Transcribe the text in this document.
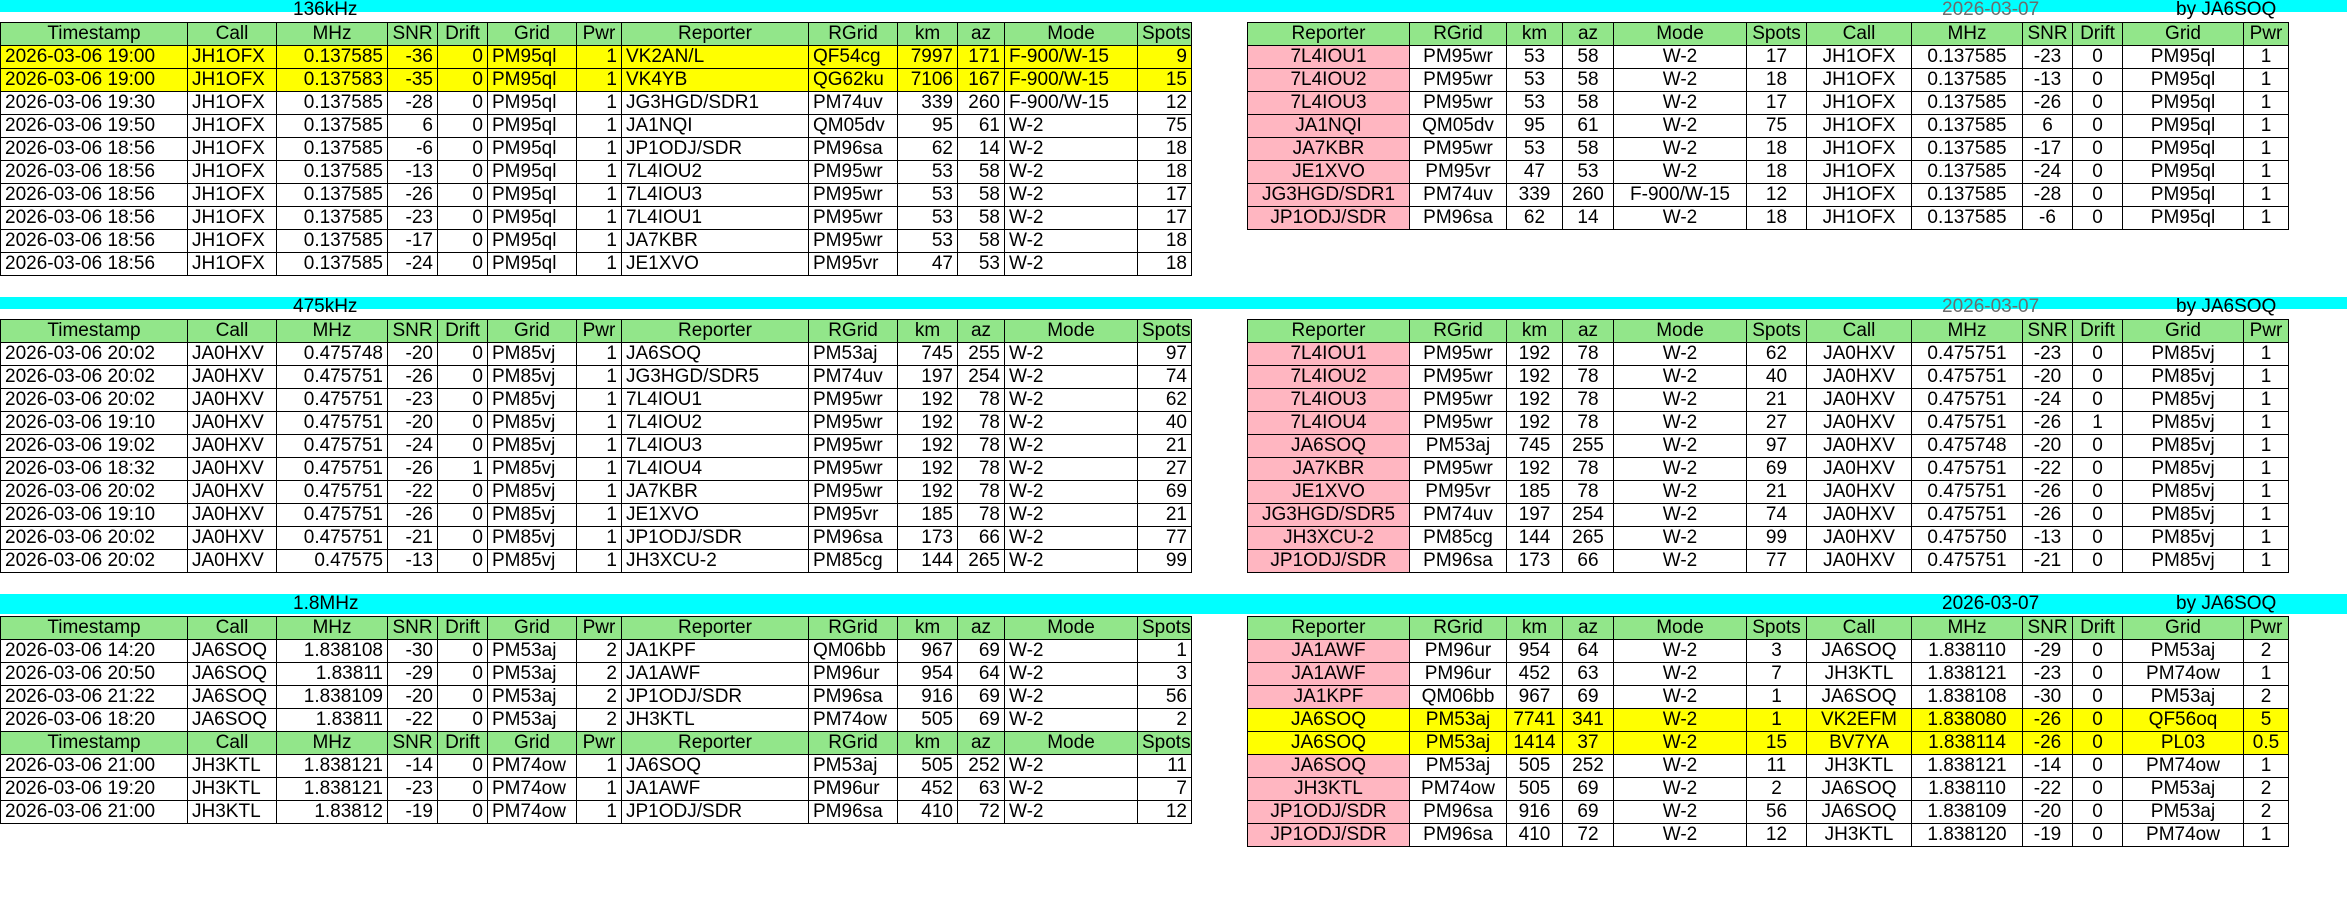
136kHz	2026-03-07	by JA6SOQ
475kHz	2026-03-07	by JA6SOQ
1.8MHz	2026-03-07	by JA6SOQ
Timestamp	Call	MHz	SNR	Drift	Grid	Pwr	Reporter	RGrid	km	az	Mode	Spots
2026-03-06 19:00	JH1OFX	0.137585	-36	0	PM95ql	1	VK2AN/L	QF54cg	7997	171	F-900/W-15	9
2026-03-06 19:00	JH1OFX	0.137583	-35	0	PM95ql	1	VK4YB	QG62ku	7106	167	F-900/W-15	15
2026-03-06 19:30	JH1OFX	0.137585	-28	0	PM95ql	1	JG3HGD/SDR1	PM74uv	339	260	F-900/W-15	12
2026-03-06 19:50	JH1OFX	0.137585	6	0	PM95ql	1	JA1NQI	QM05dv	95	61	W-2	75
2026-03-06 18:56	JH1OFX	0.137585	-6	0	PM95ql	1	JP1ODJ/SDR	PM96sa	62	14	W-2	18
2026-03-06 18:56	JH1OFX	0.137585	-13	0	PM95ql	1	7L4IOU2	PM95wr	53	58	W-2	18
2026-03-06 18:56	JH1OFX	0.137585	-26	0	PM95ql	1	7L4IOU3	PM95wr	53	58	W-2	17
2026-03-06 18:56	JH1OFX	0.137585	-23	0	PM95ql	1	7L4IOU1	PM95wr	53	58	W-2	17
2026-03-06 18:56	JH1OFX	0.137585	-17	0	PM95ql	1	JA7KBR	PM95wr	53	58	W-2	18
2026-03-06 18:56	JH1OFX	0.137585	-24	0	PM95ql	1	JE1XVO	PM95vr	47	53	W-2	18
Reporter	RGrid	km	az	Mode	Spots	Call	MHz	SNR	Drift	Grid	Pwr
7L4IOU1	PM95wr	53	58	W-2	17	JH1OFX	0.137585	-23	0	PM95ql	1
7L4IOU2	PM95wr	53	58	W-2	18	JH1OFX	0.137585	-13	0	PM95ql	1
7L4IOU3	PM95wr	53	58	W-2	17	JH1OFX	0.137585	-26	0	PM95ql	1
JA1NQI	QM05dv	95	61	W-2	75	JH1OFX	0.137585	6	0	PM95ql	1
JA7KBR	PM95wr	53	58	W-2	18	JH1OFX	0.137585	-17	0	PM95ql	1
JE1XVO	PM95vr	47	53	W-2	18	JH1OFX	0.137585	-24	0	PM95ql	1
JG3HGD/SDR1	PM74uv	339	260	F-900/W-15	12	JH1OFX	0.137585	-28	0	PM95ql	1
JP1ODJ/SDR	PM96sa	62	14	W-2	18	JH1OFX	0.137585	-6	0	PM95ql	1
Timestamp	Call	MHz	SNR	Drift	Grid	Pwr	Reporter	RGrid	km	az	Mode	Spots
2026-03-06 20:02	JA0HXV	0.475748	-20	0	PM85vj	1	JA6SOQ	PM53aj	745	255	W-2	97
2026-03-06 20:02	JA0HXV	0.475751	-26	0	PM85vj	1	JG3HGD/SDR5	PM74uv	197	254	W-2	74
2026-03-06 20:02	JA0HXV	0.475751	-23	0	PM85vj	1	7L4IOU1	PM95wr	192	78	W-2	62
2026-03-06 19:10	JA0HXV	0.475751	-20	0	PM85vj	1	7L4IOU2	PM95wr	192	78	W-2	40
2026-03-06 19:02	JA0HXV	0.475751	-24	0	PM85vj	1	7L4IOU3	PM95wr	192	78	W-2	21
2026-03-06 18:32	JA0HXV	0.475751	-26	1	PM85vj	1	7L4IOU4	PM95wr	192	78	W-2	27
2026-03-06 20:02	JA0HXV	0.475751	-22	0	PM85vj	1	JA7KBR	PM95wr	192	78	W-2	69
2026-03-06 19:10	JA0HXV	0.475751	-26	0	PM85vj	1	JE1XVO	PM95vr	185	78	W-2	21
2026-03-06 20:02	JA0HXV	0.475751	-21	0	PM85vj	1	JP1ODJ/SDR	PM96sa	173	66	W-2	77
2026-03-06 20:02	JA0HXV	0.47575	-13	0	PM85vj	1	JH3XCU-2	PM85cg	144	265	W-2	99
Reporter	RGrid	km	az	Mode	Spots	Call	MHz	SNR	Drift	Grid	Pwr
7L4IOU1	PM95wr	192	78	W-2	62	JA0HXV	0.475751	-23	0	PM85vj	1
7L4IOU2	PM95wr	192	78	W-2	40	JA0HXV	0.475751	-20	0	PM85vj	1
7L4IOU3	PM95wr	192	78	W-2	21	JA0HXV	0.475751	-24	0	PM85vj	1
7L4IOU4	PM95wr	192	78	W-2	27	JA0HXV	0.475751	-26	1	PM85vj	1
JA6SOQ	PM53aj	745	255	W-2	97	JA0HXV	0.475748	-20	0	PM85vj	1
JA7KBR	PM95wr	192	78	W-2	69	JA0HXV	0.475751	-22	0	PM85vj	1
JE1XVO	PM95vr	185	78	W-2	21	JA0HXV	0.475751	-26	0	PM85vj	1
JG3HGD/SDR5	PM74uv	197	254	W-2	74	JA0HXV	0.475751	-26	0	PM85vj	1
JH3XCU-2	PM85cg	144	265	W-2	99	JA0HXV	0.475750	-13	0	PM85vj	1
JP1ODJ/SDR	PM96sa	173	66	W-2	77	JA0HXV	0.475751	-21	0	PM85vj	1
Timestamp	Call	MHz	SNR	Drift	Grid	Pwr	Reporter	RGrid	km	az	Mode	Spots
2026-03-06 14:20	JA6SOQ	1.838108	-30	0	PM53aj	2	JA1KPF	QM06bb	967	69	W-2	1
2026-03-06 20:50	JA6SOQ	1.83811	-29	0	PM53aj	2	JA1AWF	PM96ur	954	64	W-2	3
2026-03-06 21:22	JA6SOQ	1.838109	-20	0	PM53aj	2	JP1ODJ/SDR	PM96sa	916	69	W-2	56
2026-03-06 18:20	JA6SOQ	1.83811	-22	0	PM53aj	2	JH3KTL	PM74ow	505	69	W-2	2
Timestamp	Call	MHz	SNR	Drift	Grid	Pwr	Reporter	RGrid	km	az	Mode	Spots
2026-03-06 21:00	JH3KTL	1.838121	-14	0	PM74ow	1	JA6SOQ	PM53aj	505	252	W-2	11
2026-03-06 19:20	JH3KTL	1.838121	-23	0	PM74ow	1	JA1AWF	PM96ur	452	63	W-2	7
2026-03-06 21:00	JH3KTL	1.83812	-19	0	PM74ow	1	JP1ODJ/SDR	PM96sa	410	72	W-2	12
Reporter	RGrid	km	az	Mode	Spots	Call	MHz	SNR	Drift	Grid	Pwr
JA1AWF	PM96ur	954	64	W-2	3	JA6SOQ	1.838110	-29	0	PM53aj	2
JA1AWF	PM96ur	452	63	W-2	7	JH3KTL	1.838121	-23	0	PM74ow	1
JA1KPF	QM06bb	967	69	W-2	1	JA6SOQ	1.838108	-30	0	PM53aj	2
JA6SOQ	PM53aj	7741	341	W-2	1	VK2EFM	1.838080	-26	0	QF56oq	5
JA6SOQ	PM53aj	1414	37	W-2	15	BV7YA	1.838114	-26	0	PL03	0.5
JA6SOQ	PM53aj	505	252	W-2	11	JH3KTL	1.838121	-14	0	PM74ow	1
JH3KTL	PM74ow	505	69	W-2	2	JA6SOQ	1.838110	-22	0	PM53aj	2
JP1ODJ/SDR	PM96sa	916	69	W-2	56	JA6SOQ	1.838109	-20	0	PM53aj	2
JP1ODJ/SDR	PM96sa	410	72	W-2	12	JH3KTL	1.838120	-19	0	PM74ow	1
